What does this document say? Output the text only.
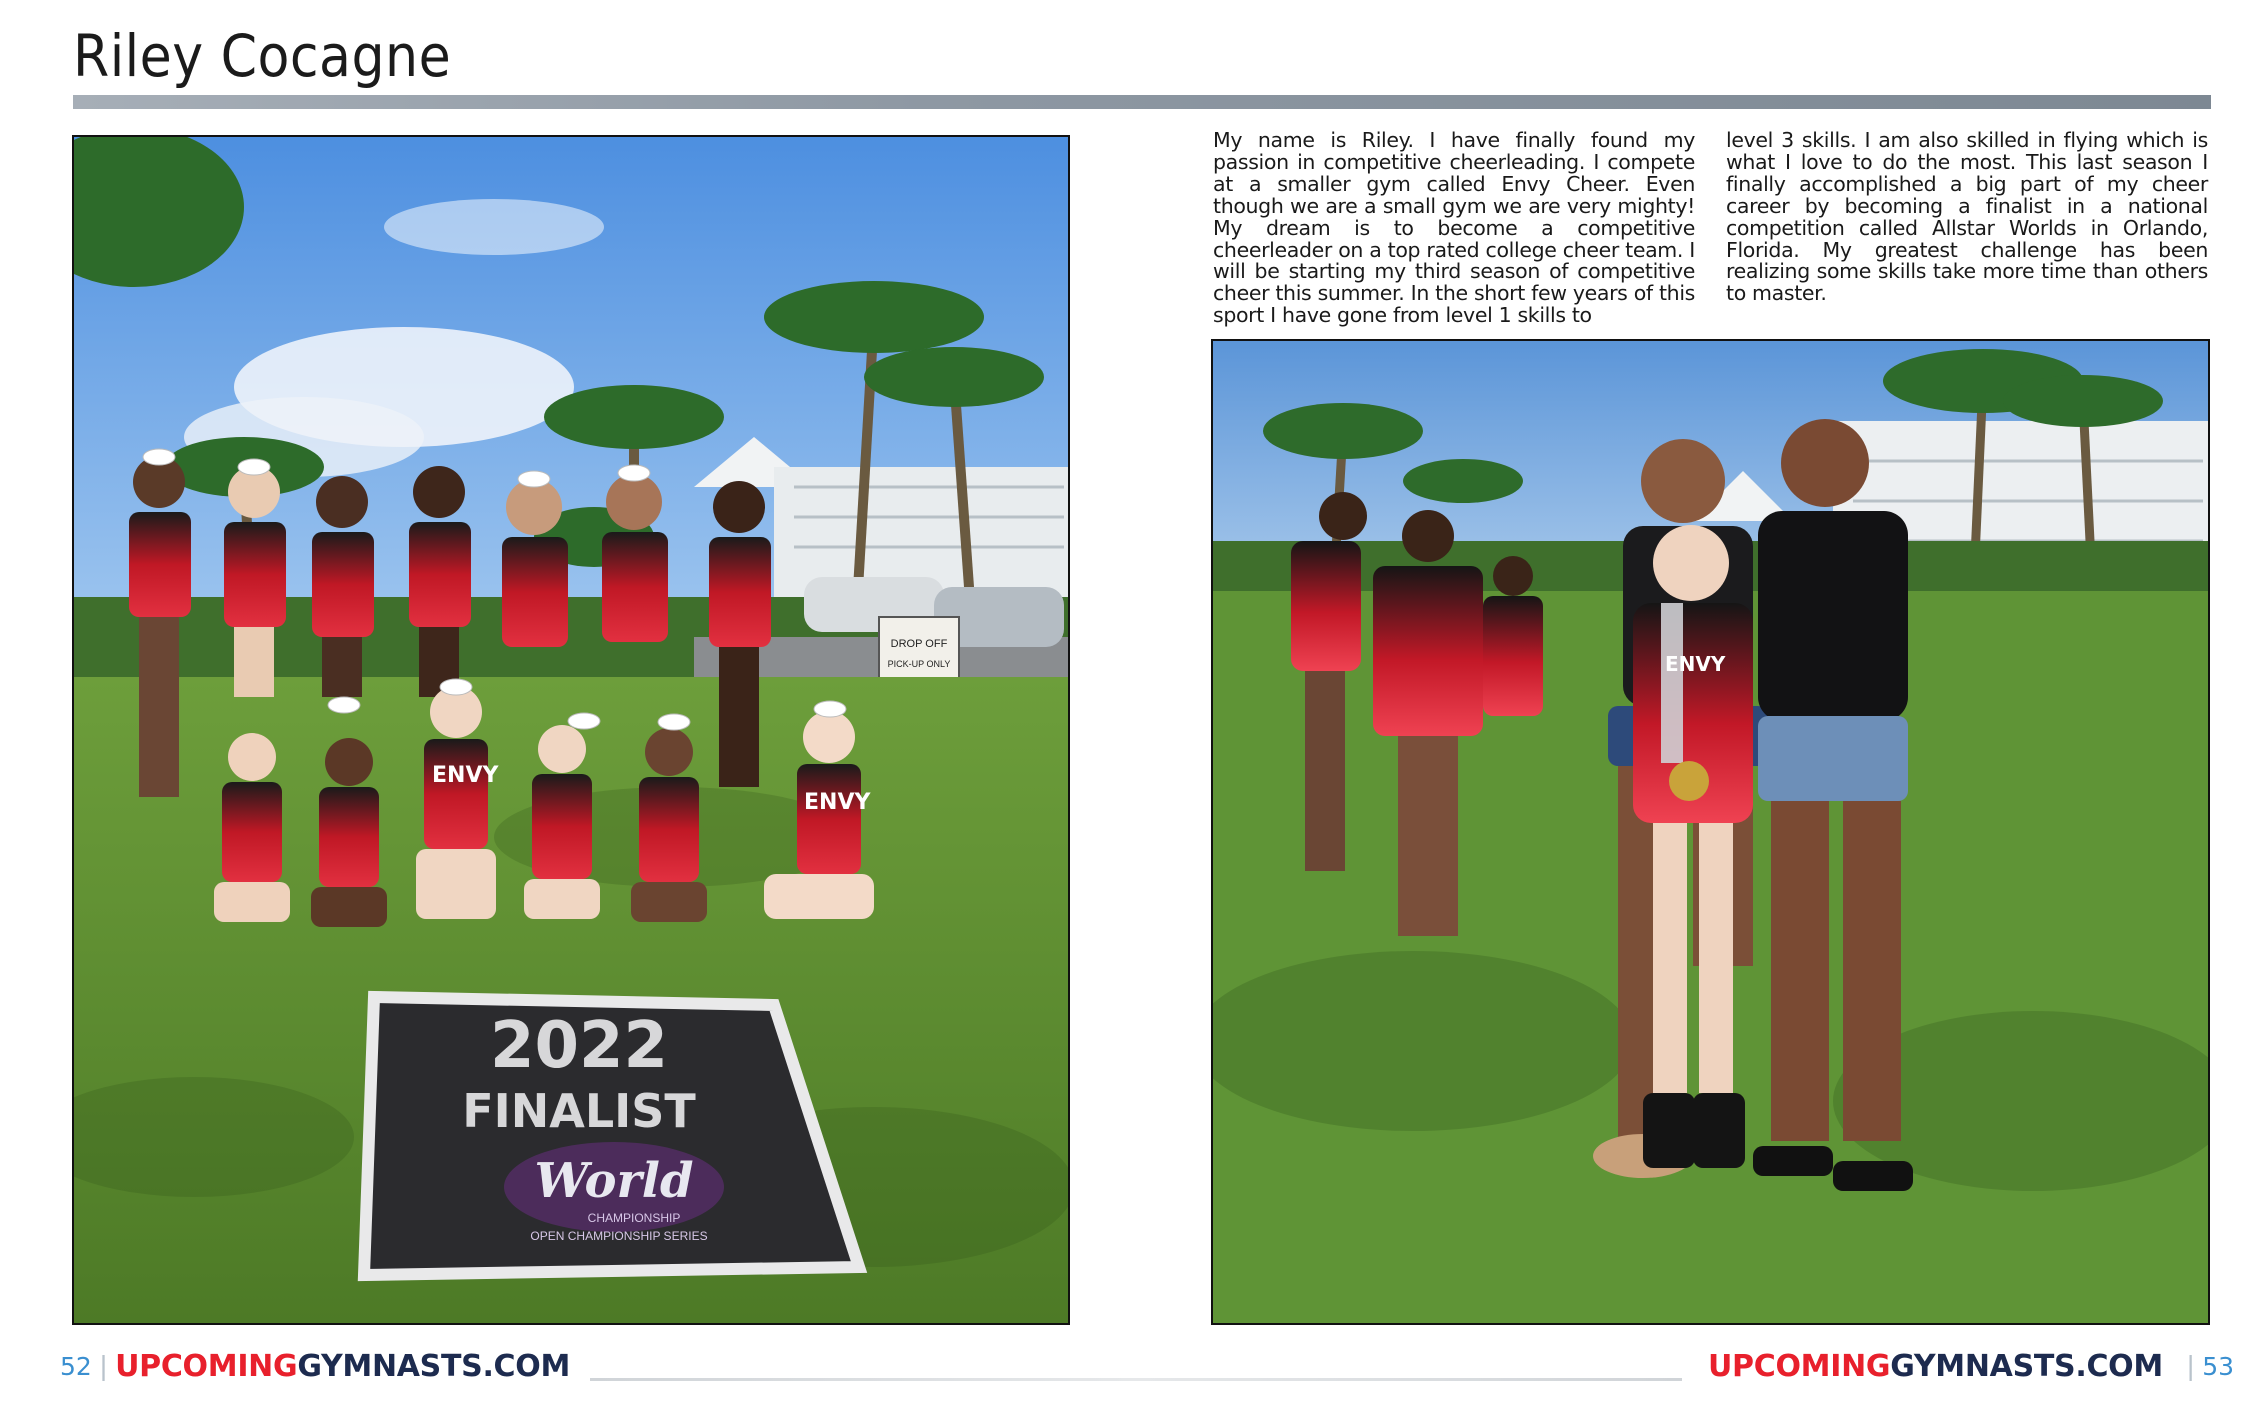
Riley Cocagne
DROP OFF
PICK-UP ONLY
ENVY
ENVY
2022
FINALIST
World
CHAMPIONSHIP
OPEN CHAMPIONSHIP SERIES
My name is Riley. I have finally found my passion in competitive cheerleading. I compete at a smaller gym called Envy Cheer. Even though we are a small gym we are very mighty! My dream is to become a competitive cheerleader on a top rated college cheer team. I will be starting my third season of competitive cheer this summer. In the short few years of this sport I have gone from level 1 skills to
level 3 skills. I am also skilled in flying which is what I love to do the most. This last season I finally accomplished a big part of my cheer career by becoming a finalist in a national competition called Allstar Worlds in Orlando, Florida. My greatest challenge has been realizing some skills take more time than others to master.
ENVY
52 | UPCOMINGGYMNASTS.COM	UPCOMINGGYMNASTS.COM | 53
